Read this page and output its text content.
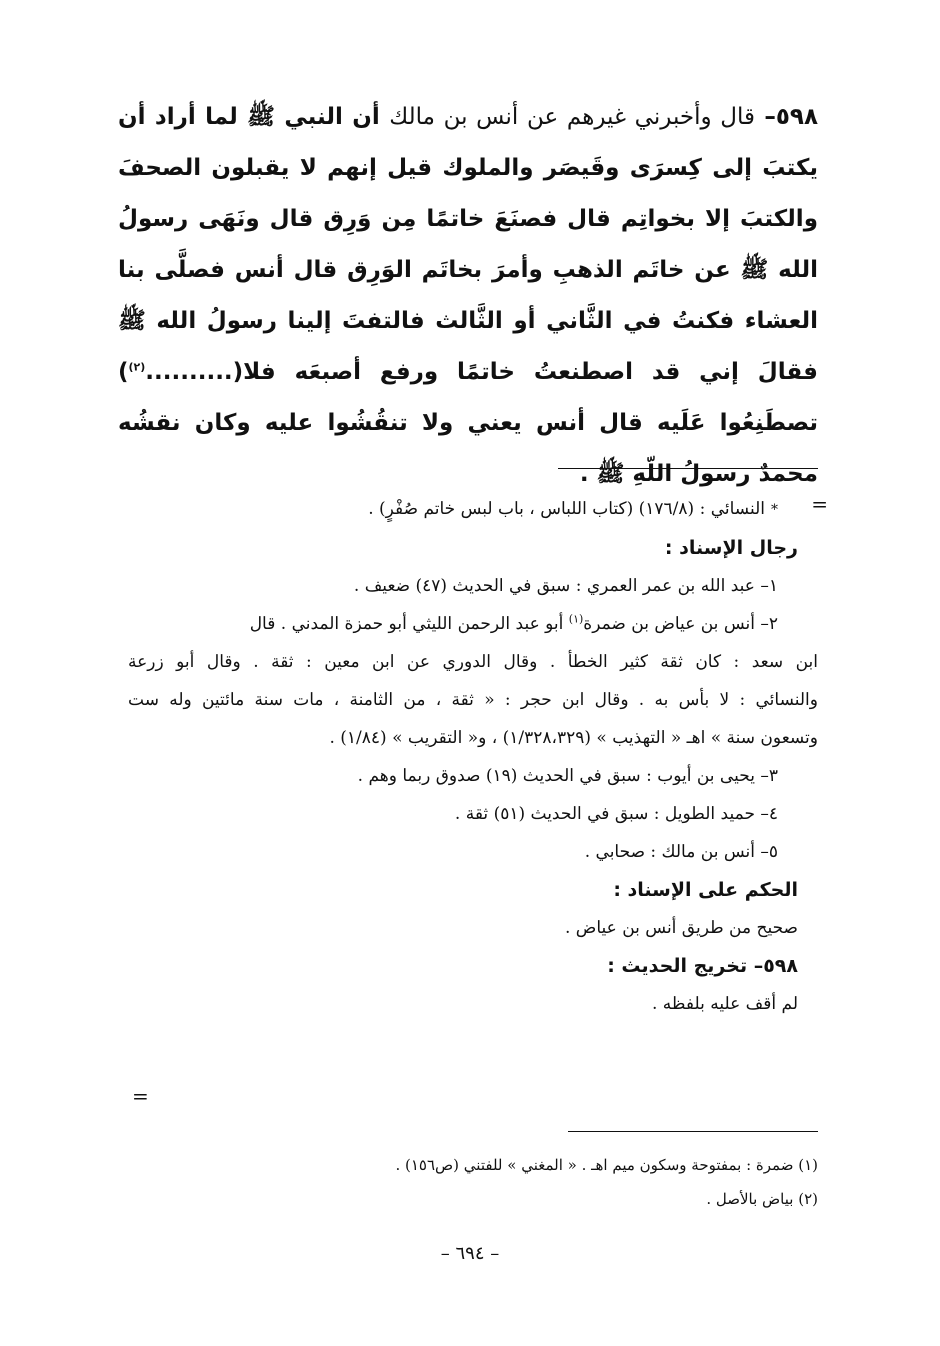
٥٩٨– قال وأخبرني غيرهم عن أنس بن مالك أن النبي ﷺ لما أراد أن يكتبَ إلى كِسرَى وقَيصَر والملوك قيل إنهم لا يقبلون الصحفَ والكتبَ إلا بخواتِم قال فصنَعَ خاتمًا مِن وَرِق قال ونَهَى رسولُ الله ﷺ عن خاتَم الذهبِ وأمرَ بخاتَم الوَرِق قال أنس فصلَّى بنا العشاء فكنتُ في الثَّاني أو الثَّالث فالتفتَ إلينا رسولُ الله ﷺ فقالَ إني قد اصطنعتُ خاتمًا ورفع أصبعَه فلا(..........$^{(٢)}$) تصطَنِعُوا عَلَيه قال أنس يعني ولا تنقُشُوا عليه وكان نقشُه محمدٌ رسولُ اللّهِ ﷺ .
=
*النسائي : (١٧٦/٨) (كتاب اللباس ، باب لبس خاتم صُفْرٍ) .
رجال الإسناد :
١– عبد الله بن عمر العمري : سبق في الحديث (٤٧) ضعيف .
٢– أنس بن عياض بن ضمرة$^{(١)}$ أبو عبد الرحمن الليثي أبو حمزة المدني . قال
ابن سعد : كان ثقة كثير الخطأ . وقال الدوري عن ابن معين : ثقة . وقال أبو زرعة
والنسائي : لا بأس به . وقال ابن حجر : « ثقة ، من الثامنة ، مات سنة مائتين وله ست
وتسعون سنة » اهـ « التهذيب » (١/٣٢٨،٣٢٩) ، و« التقريب » (١/٨٤) .
٣– يحيى بن أيوب : سبق في الحديث (١٩) صدوق ربما وهم .
٤– حميد الطويل : سبق في الحديث (٥١) ثقة .
٥– أنس بن مالك : صحابي .
الحكم على الإسناد :
صحيح من طريق أنس بن عياض .
٥٩٨– تخريج الحديث :
لم أقف عليه بلفظه .
=
(١) ضمرة : بمفتوحة وسكون ميم اهـ . « المغني » للفتني (ص١٥٦) .
(٢) بياض بالأصل .
– ٦٩٤ –
